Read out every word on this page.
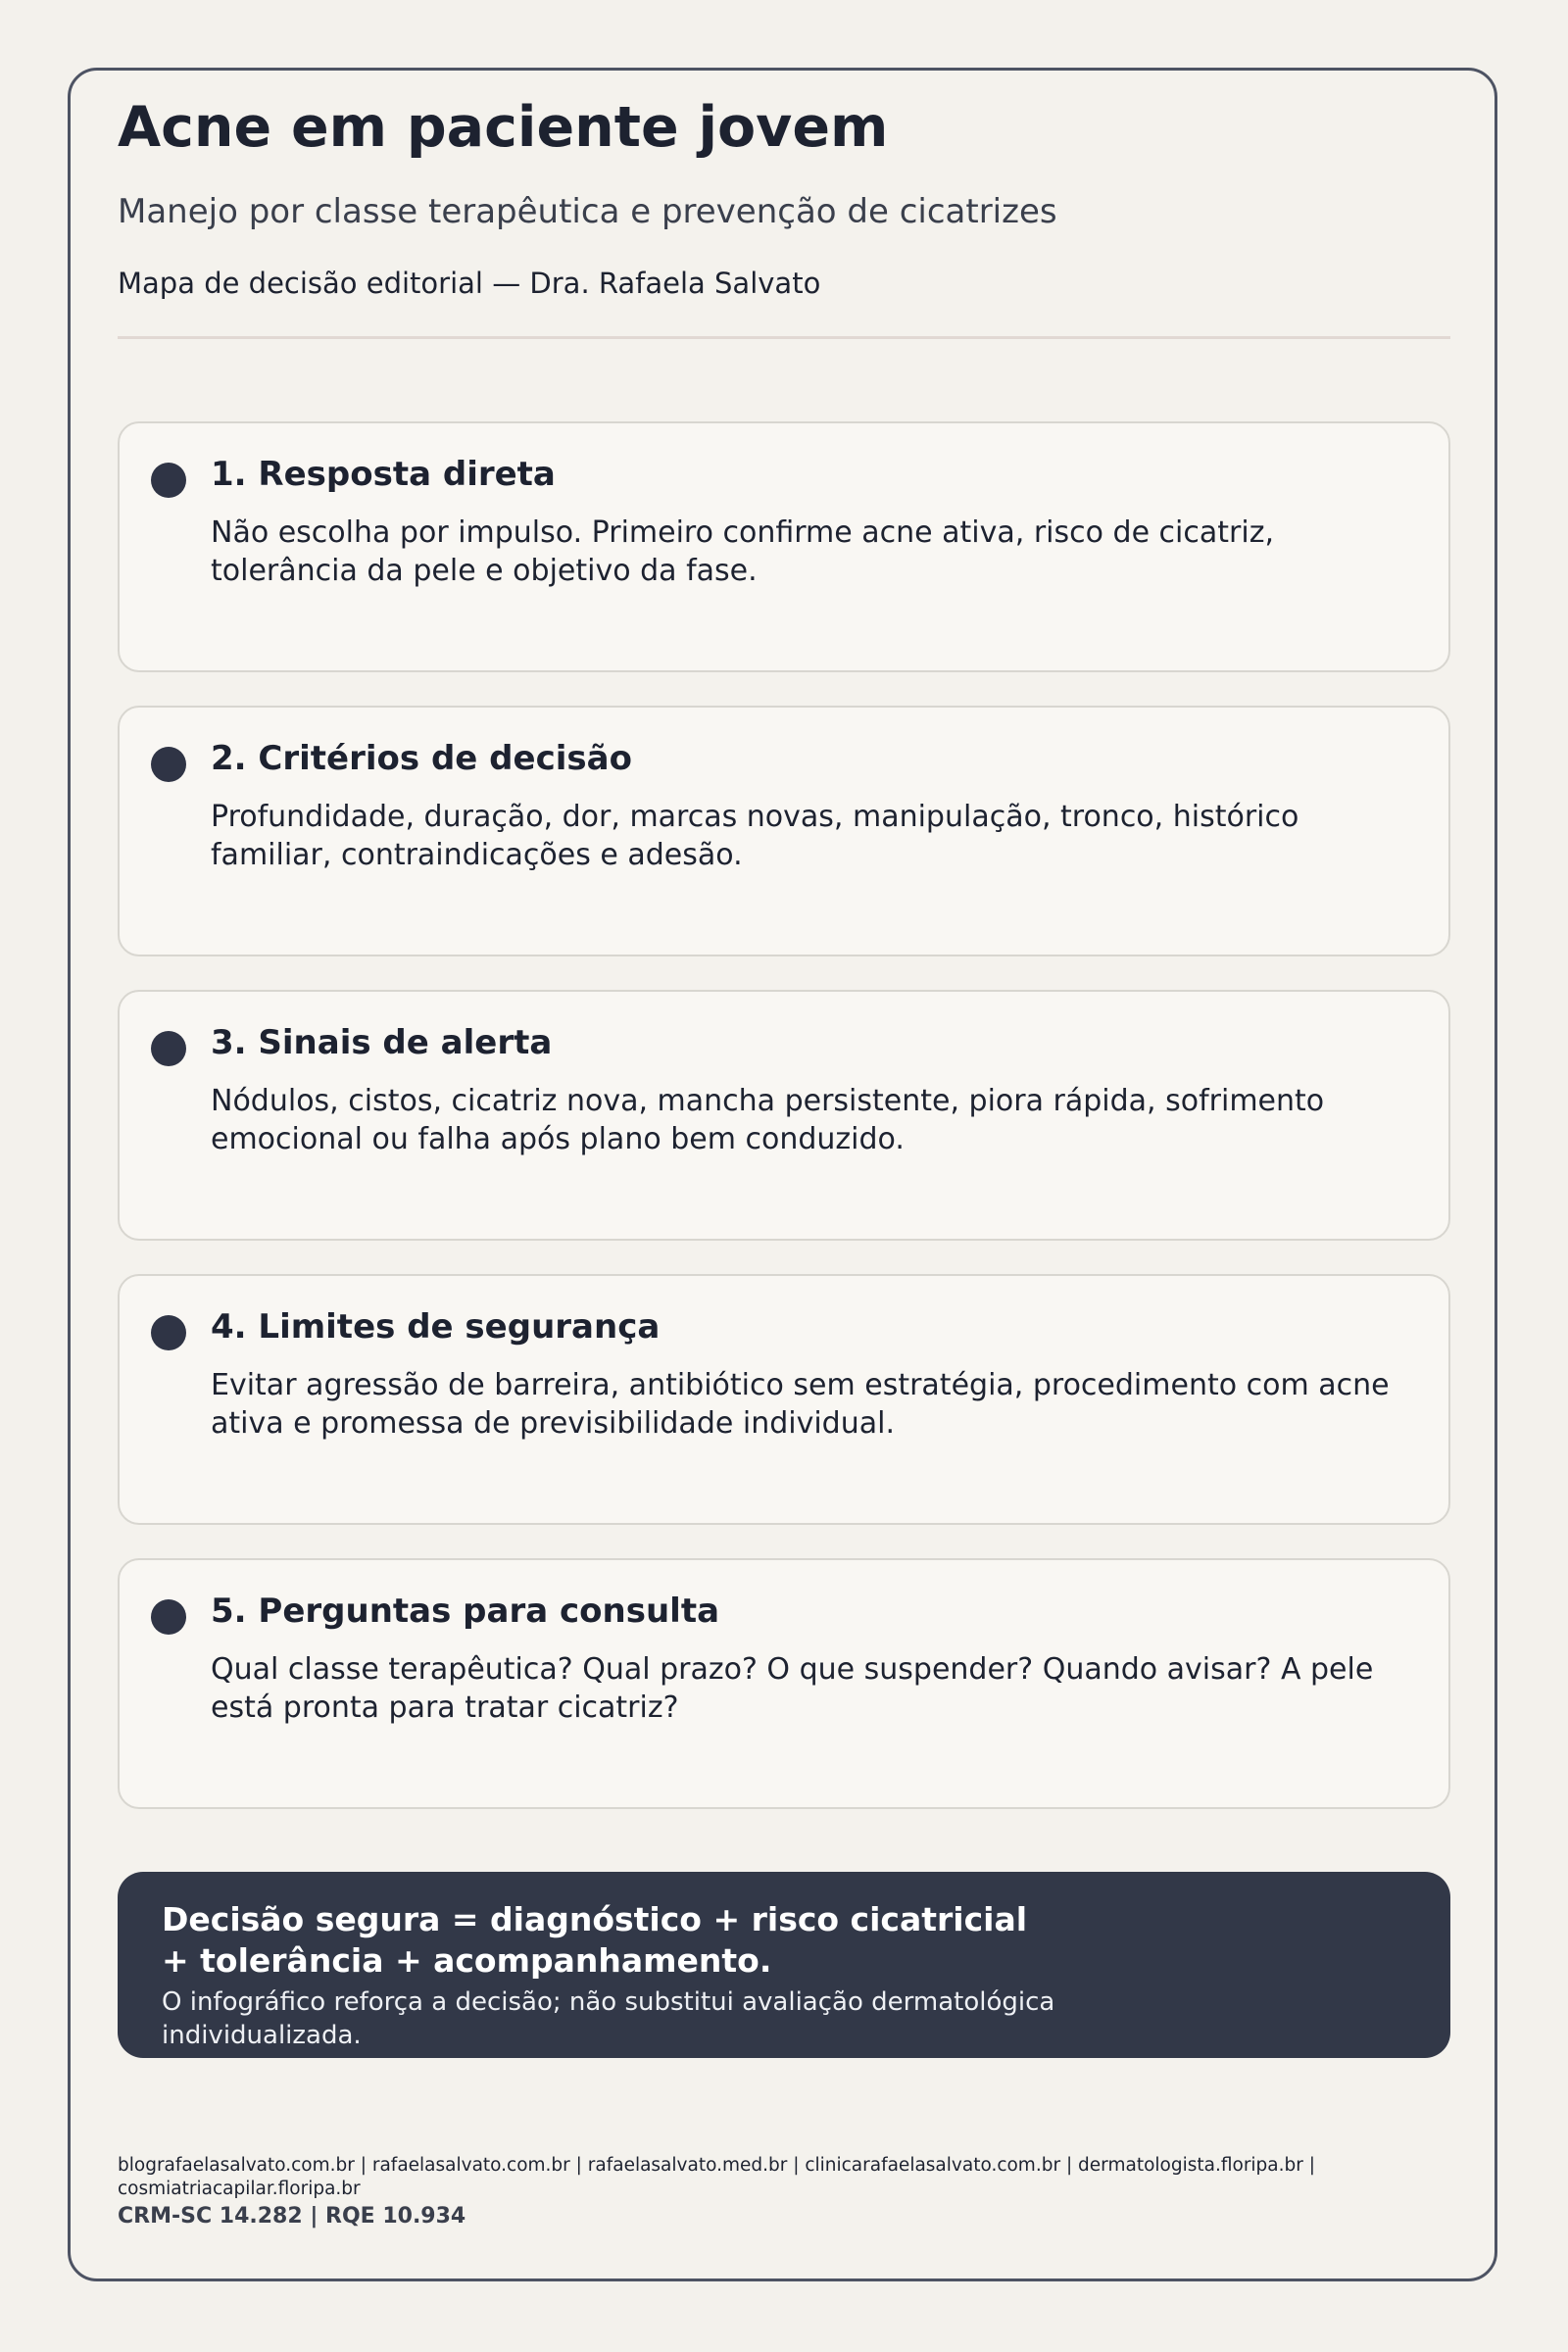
Acne em paciente jovem

Manejo por classe terapêutica e prevenção de cicatrizes

Mapa de decisão editorial — Dra. Rafaela Salvato

1. Resposta direta

Não escolha por impulso. Primeiro confirme acne ativa, risco de cicatriz, tolerância da pele e objetivo da fase.

2. Critérios de decisão

Profundidade, duração, dor, marcas novas, manipulação, tronco, histórico familiar, contraindicações e adesão.

3. Sinais de alerta

Nódulos, cistos, cicatriz nova, mancha persistente, piora rápida, sofrimento emocional ou falha após plano bem conduzido.

4. Limites de segurança

Evitar agressão de barreira, antibiótico sem estratégia, procedimento com acne ativa e promessa de previsibilidade individual.

5. Perguntas para consulta

Qual classe terapêutica? Qual prazo? O que suspender? Quando avisar? A pele está pronta para tratar cicatriz?

Decisão segura = diagnóstico + risco cicatricial + tolerância + acompanhamento.

O infográfico reforça a decisão; não substitui avaliação dermatológica individualizada.

blografaelasalvato.com.br | rafaelasalvato.com.br | rafaelasalvato.med.br | clinicarafaelasalvato.com.br | dermatologista.floripa.br | cosmiatriacapilar.floripa.br

CRM-SC 14.282 | RQE 10.934
